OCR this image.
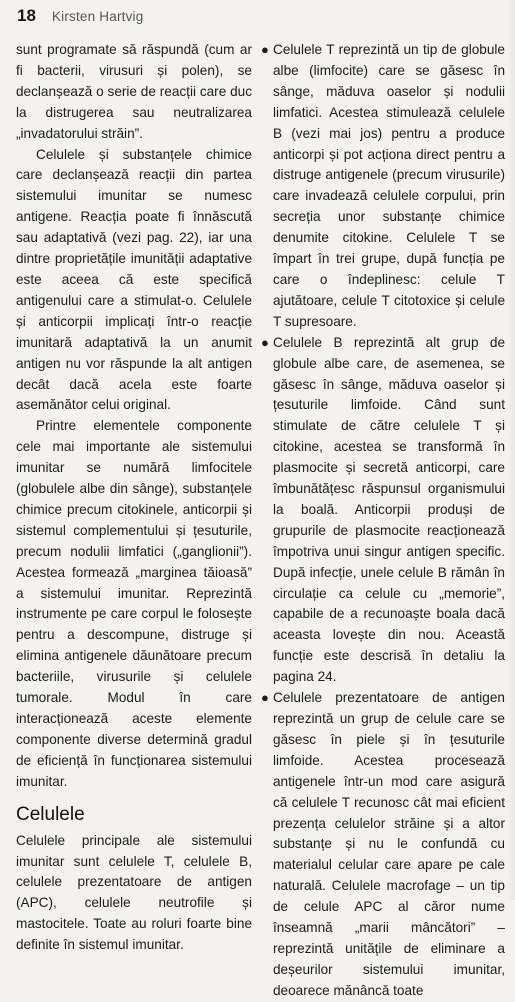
18 Kirsten Hartvig

sunt programate să răspundă (cum ar fi bacterii, virusuri și polen), se declanșează o serie de reacții care duc la distrugerea sau neutralizarea „invadatorului străin”.

Celulele și substanțele chimice care declanșează reacții din partea sistemului imunitar se numesc antigene. Reacția poate fi înnăscută sau adaptativă (vezi pag. 22), iar una dintre proprietățile imunității adaptative este aceea că este specifică antigenului care a stimulat-o. Celulele și anticorpii implicați într-o reacție imunitară adaptativă la un anumit antigen nu vor răspunde la alt antigen decât dacă acela este foarte asemănător celui original.

Printre elementele componente cele mai importante ale sistemului imunitar se numără limfocitele (globulele albe din sânge), substanțele chimice precum citokinele, anticorpii și sistemul complementului și țesuturile, precum nodulii limfatici („ganglionii”). Acestea formează „marginea tăioasă” a sistemului imunitar. Reprezintă instrumente pe care corpul le folosește pentru a descompune, distruge și elimina antigenele dăunătoare precum bacteriile, virusurile și celulele tumorale. Modul în care interacționează aceste elemente componente diverse determină gradul de eficiență în funcționarea sistemului imunitar.

Celulele

Celulele principale ale sistemului imunitar sunt celulele T, celulele B, celulele prezentatoare de antigen (APC), celulele neutrofile și mastocitele. Toate au roluri foarte bine definite în sistemul imunitar.

● Celulele T reprezintă un tip de globule albe (limfocite) care se găsesc în sânge, măduva oaselor și nodulii limfatici. Acestea stimulează celulele B (vezi mai jos) pentru a produce anticorpi și pot acționa direct pentru a distruge antigenele (precum virusurile) care invadează celulele corpului, prin secreția unor substanțe chimice denumite citokine. Celulele T se împart în trei grupe, după funcția pe care o îndeplinesc: celule T ajutătoare, celule T citotoxice și celule T supresoare.

● Celulele B reprezintă alt grup de globule albe care, de asemenea, se găsesc în sânge, măduva oaselor și țesuturile limfoide. Când sunt stimulate de către celulele T și citokine, acestea se transformă în plasmocite și secretă anticorpi, care îmbunătățesc răspunsul organismului la boală. Anticorpii produși de grupurile de plasmocite reacționează împotriva unui singur antigen specific. După infecție, unele celule B rămân în circulație ca celule cu „memorie”, capabile de a recunoaște boala dacă aceasta lovește din nou. Această funcție este descrisă în detaliu la pagina 24.

● Celulele prezentatoare de antigen reprezintă un grup de celule care se găsesc în piele și în țesuturile limfoide. Acestea procesează antigenele într-un mod care asigură că celulele T recunosc cât mai eficient prezența celulelor străine și a altor substanțe și nu le confundă cu materialul celular care apare pe cale naturală. Celulele macrofage – un tip de celule APC al căror nume înseamnă „marii mâncători” – reprezintă unitățile de eliminare a deșeurilor sistemului imunitar, deoarece mănâncă toate
